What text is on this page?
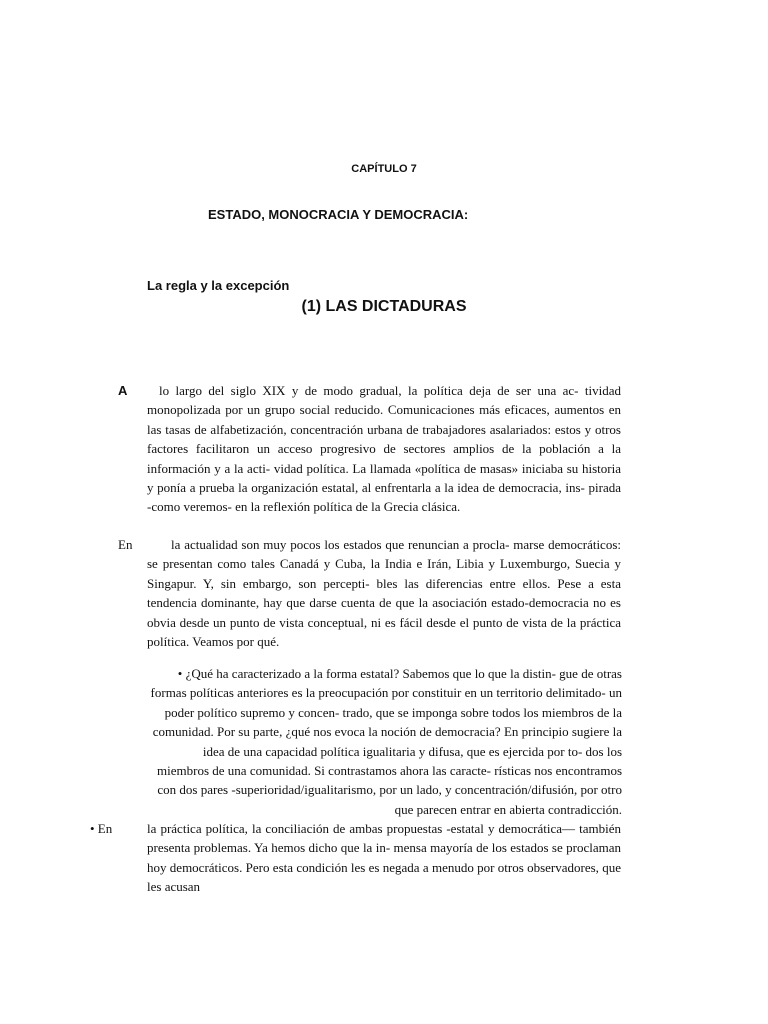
CAPÍTULO 7
ESTADO, MONOCRACIA Y DEMOCRACIA:
La regla y la excepción
(1) LAS DICTADURAS
A	lo largo del siglo XIX y de modo gradual, la política deja de ser una ac- tividad monopolizada por un grupo social reducido. Comunicaciones más eficaces, aumentos en las tasas de alfabetización, concentración urbana de trabajadores asalariados: estos y otros factores facilitaron un acceso progresivo de sectores amplios de la población a la información y a la acti- vidad política. La llamada «política de masas» iniciaba su historia y ponía a prueba la organización estatal, al enfrentarla a la idea de democracia, ins- pirada -como veremos- en la reflexión política de la Grecia clásica.
En	la actualidad son muy pocos los estados que renuncian a procla- marse democráticos: se presentan como tales Canadá y Cuba, la India e Irán, Libia y Luxemburgo, Suecia y Singapur. Y, sin embargo, son percepti- bles las diferencias entre ellos. Pese a esta tendencia dominante, hay que darse cuenta de que la asociación estado-democracia no es obvia desde un punto de vista conceptual, ni es fácil desde el punto de vista de la práctica política. Veamos por qué.
• ¿Qué ha caracterizado a la forma estatal? Sabemos que lo que la distin- gue de otras formas políticas anteriores es la preocupación por constituir en un territorio delimitado- un poder político supremo y concen- trado, que se imponga sobre todos los miembros de la comunidad. Por su parte, ¿qué nos evoca la noción de democracia? En principio sugiere la idea de una capacidad política igualitaria y difusa, que es ejercida por to- dos los miembros de una comunidad. Si contrastamos ahora las caracte- rísticas nos encontramos con dos pares -superioridad/igualitarismo, por un lado, y concentración/difusión, por otro que parecen entrar en abierta contradicción.
• En	la práctica política, la conciliación de ambas propuestas -estatal y democrática— también presenta problemas. Ya hemos dicho que la in- mensa mayoría de los estados se proclaman hoy democráticos. Pero esta condición les es negada a menudo por otros observadores, que les acusan
